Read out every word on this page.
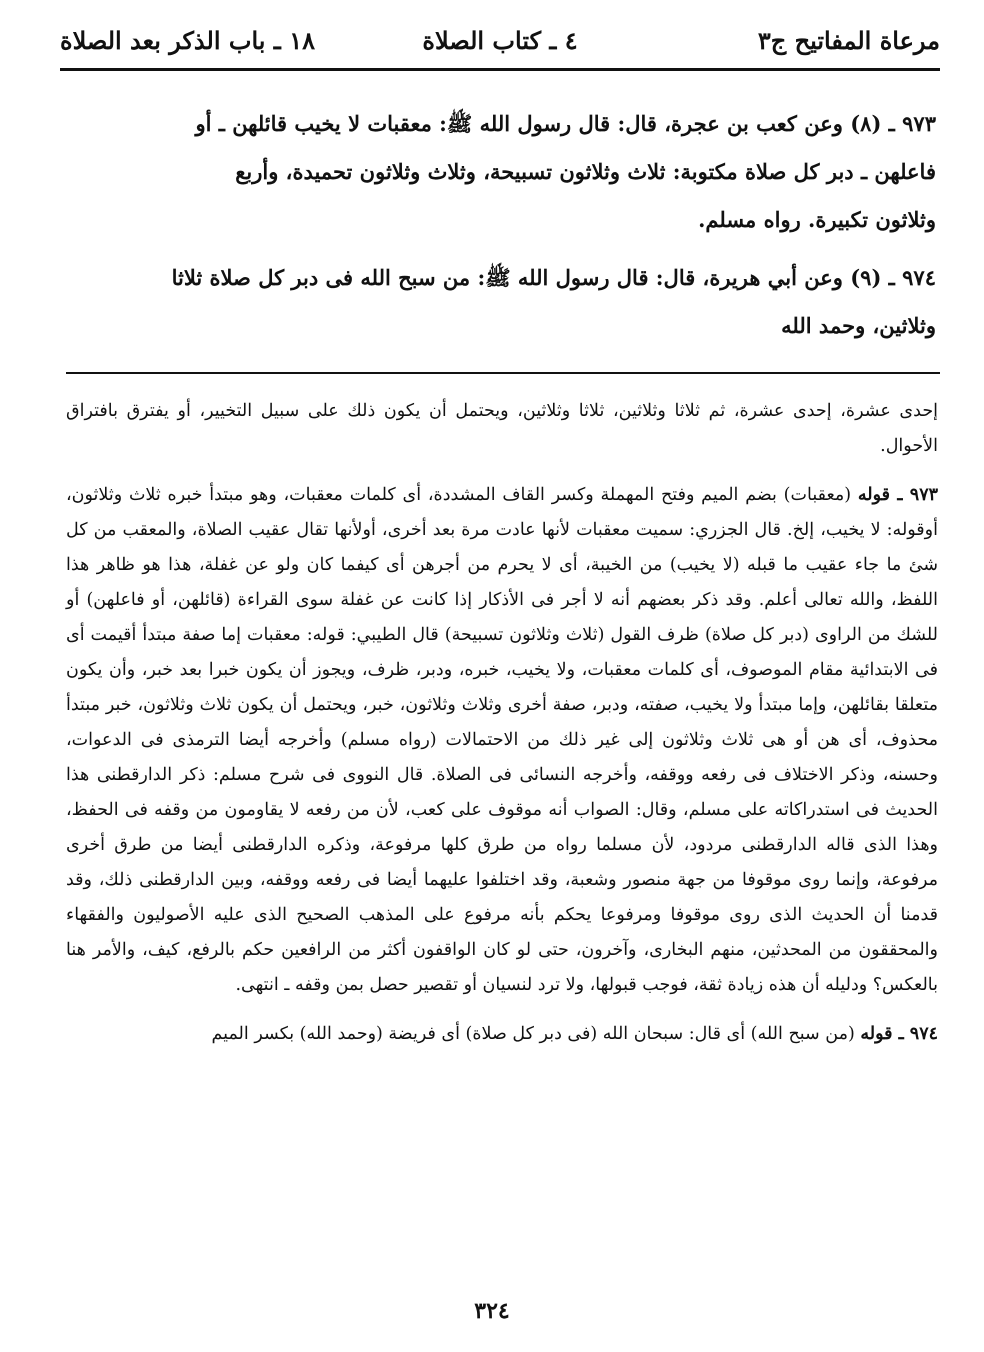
مرعاة المفاتيح ج٣
٤ ـ كتاب الصلاة
١٨ ـ باب الذكر بعد الصلاة

٩٧٣ ـ (٨) وعن كعب بن عجرة، قال: قال رسول الله ﷺ: معقبات لا يخيب قائلهن ـ أو
فاعلهن ـ دبر كل صلاة مكتوبة: ثلاث وثلاثون تسبيحة، وثلاث وثلاثون تحميدة، وأربع

وثلاثون تكبيرة. رواه مسلم.

٩٧٤ ـ (٩) وعن أبي هريرة، قال: قال رسول الله ﷺ: من سبح الله فى دبر كل صلاة ثلاثا

وثلاثين، وحمد الله

إحدى عشرة، إحدى عشرة، ثم ثلاثا وثلاثين، ثلاثا وثلاثين، ويحتمل أن يكون ذلك على سبيل التخيير، أو يفترق بافتراق الأحوال.

٩٧٣ ـ قوله (معقبات) بضم الميم وفتح المهملة وكسر القاف المشددة، أى كلمات معقبات، وهو مبتدأ خبره ثلاث وثلاثون، أوقوله: لا يخيب، إلخ. قال الجزري: سميت معقبات لأنها عادت مرة بعد أخرى، أولأنها تقال عقيب الصلاة، والمعقب من كل شئ ما جاء عقيب ما قبله (لا يخيب) من الخيبة، أى لا يحرم من أجرهن أى كيفما كان ولو عن غفلة، هذا هو ظاهر هذا اللفظ، والله تعالى أعلم. وقد ذكر بعضهم أنه لا أجر فى الأذكار إذا كانت عن غفلة سوى القراءة (قائلهن، أو فاعلهن) أو للشك من الراوى (دبر كل صلاة) ظرف القول (ثلاث وثلاثون تسبيحة) قال الطيبي: قوله: معقبات إما صفة مبتدأ أقيمت أى فى الابتدائية مقام الموصوف، أى كلمات معقبات، ولا يخيب، خبره، ودبر، ظرف، ويجوز أن يكون خبرا بعد خبر، وأن يكون متعلقا بقائلهن، وإما مبتدأ ولا يخيب، صفته، ودبر، صفة أخرى وثلاث وثلاثون، خبر، ويحتمل أن يكون ثلاث وثلاثون، خبر مبتدأ محذوف، أى هن أو هى ثلاث وثلاثون إلى غير ذلك من الاحتمالات (رواه مسلم) وأخرجه أيضا الترمذى فى الدعوات، وحسنه، وذكر الاختلاف فى رفعه ووقفه، وأخرجه النسائى فى الصلاة. قال النووى فى شرح مسلم: ذكر الدارقطنى هذا الحديث فى استدراكاته على مسلم، وقال: الصواب أنه موقوف على كعب، لأن من رفعه لا يقاومون من وقفه فى الحفظ، وهذا الذى قاله الدارقطنى مردود، لأن مسلما رواه من طرق كلها مرفوعة، وذكره الدارقطنى أيضا من طرق أخرى مرفوعة، وإنما روى موقوفا من جهة منصور وشعبة، وقد اختلفوا عليهما أيضا فى رفعه ووقفه، وبين الدارقطنى ذلك، وقد قدمنا أن الحديث الذى روى موقوفا ومرفوعا يحكم بأنه مرفوع على المذهب الصحيح الذى عليه الأصوليون والفقهاء والمحققون من المحدثين، منهم البخارى، وآخرون، حتى لو كان الواقفون أكثر من الرافعين حكم بالرفع، كيف، والأمر هنا بالعكس؟ ودليله أن هذه زيادة ثقة، فوجب قبولها، ولا ترد لنسيان أو تقصير حصل بمن وقفه ـ انتهى.

٩٧٤ ـ قوله (من سبح الله) أى قال: سبحان الله (فى دبر كل صلاة) أى فريضة (وحمد الله) بكسر الميم

٣٢٤
